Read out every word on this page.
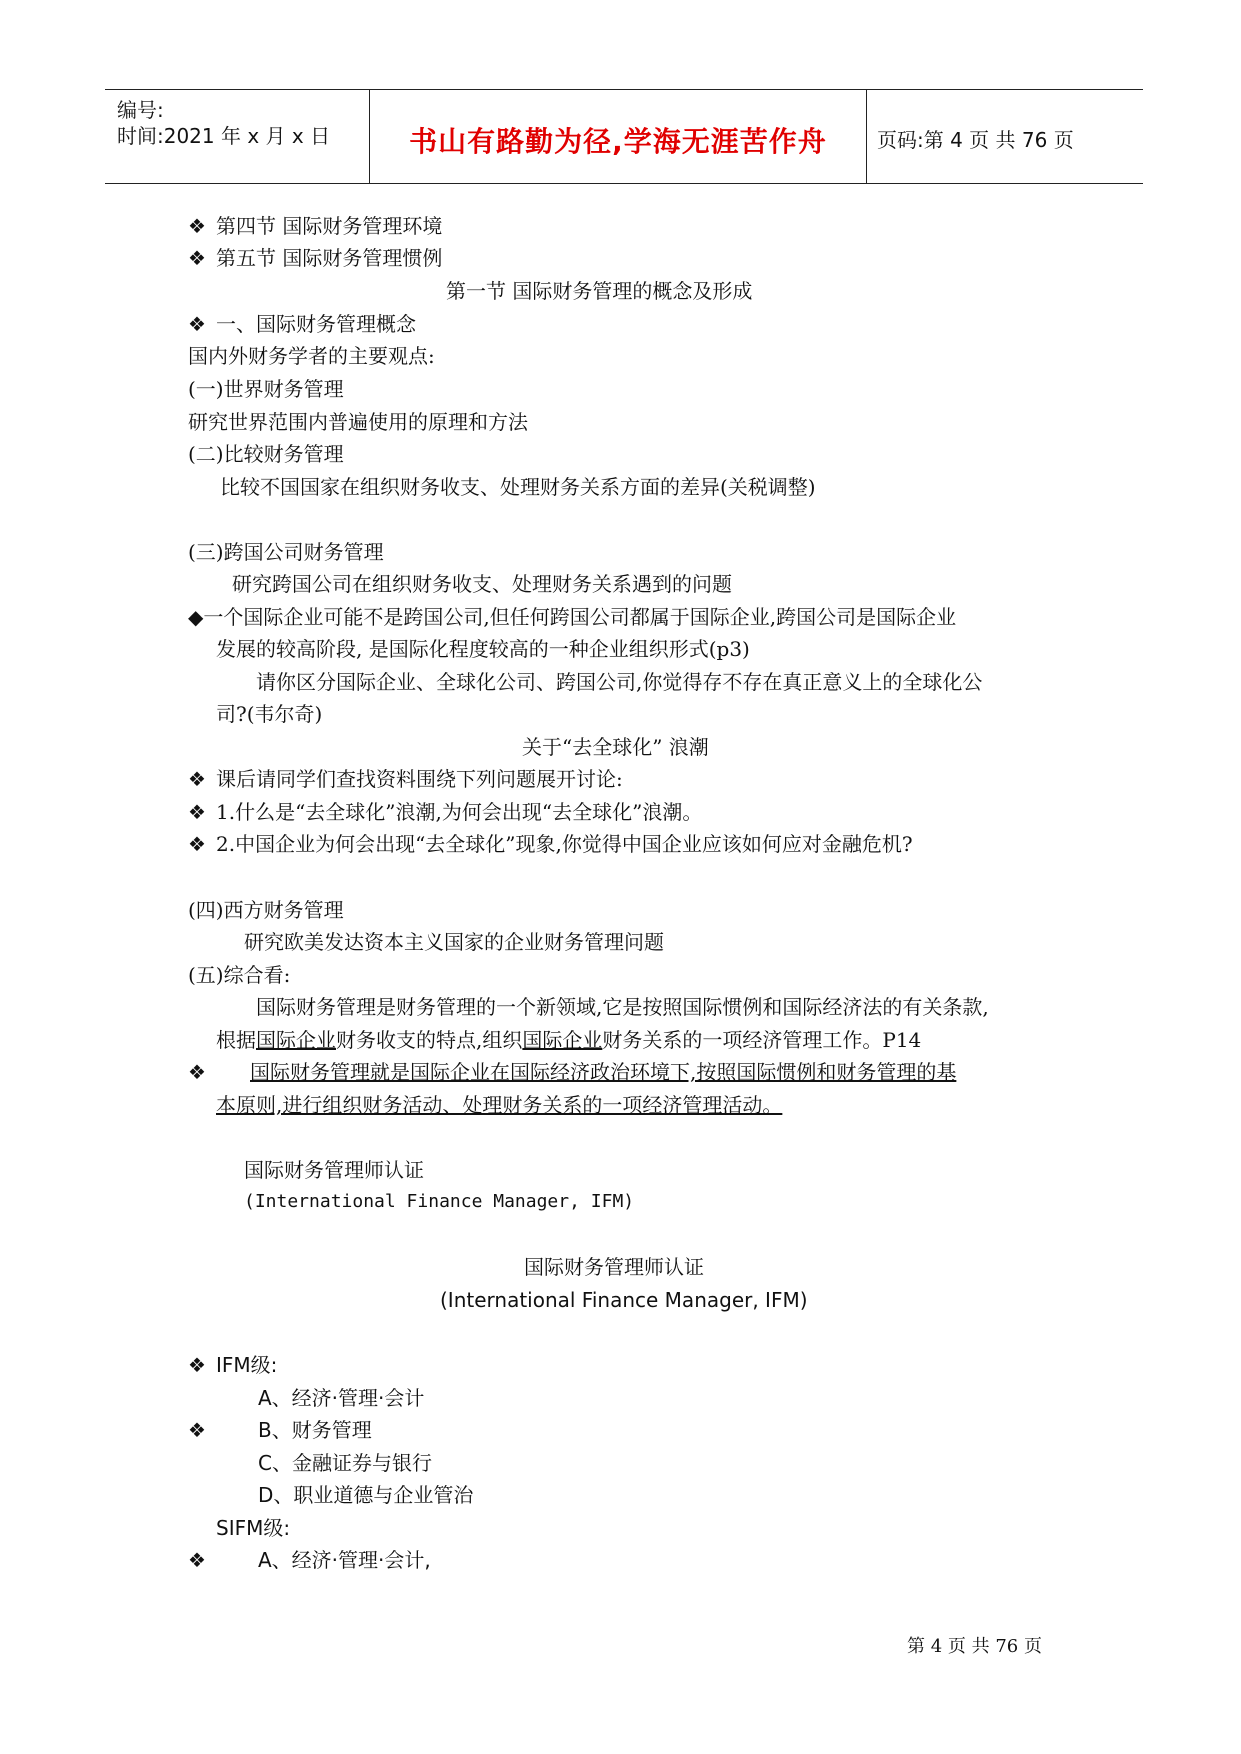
编号:
时间:2021 年 x 月 x 日	书山有路勤为径,学海无涯苦作舟	页码:第 4 页 共 76 页
❖ 第四节 国际财务管理环境
❖ 第五节 国际财务管理惯例
第一节 国际财务管理的概念及形成
❖ 一、国际财务管理概念
国内外财务学者的主要观点:
(一)世界财务管理
研究世界范围内普遍使用的原理和方法
(二)比较财务管理
比较不国国家在组织财务收支、处理财务关系方面的差异(关税调整)
(三)跨国公司财务管理
研究跨国公司在组织财务收支、处理财务关系遇到的问题
◆一个国际企业可能不是跨国公司,但任何跨国公司都属于国际企业,跨国公司是国际企业
发展的较高阶段, 是国际化程度较高的一种企业组织形式(p3)
请你区分国际企业、全球化公司、跨国公司,你觉得存不存在真正意义上的全球化公
司?(韦尔奇)
关于“去全球化” 浪潮
❖ 课后请同学们查找资料围绕下列问题展开讨论:
❖ 1.什么是“去全球化”浪潮,为何会出现“去全球化”浪潮。
❖ 2.中国企业为何会出现“去全球化”现象,你觉得中国企业应该如何应对金融危机?
(四)西方财务管理
研究欧美发达资本主义国家的企业财务管理问题
(五)综合看:
国际财务管理是财务管理的一个新领域,它是按照国际惯例和国际经济法的有关条款,
根据国际企业财务收支的特点,组织国际企业财务关系的一项经济管理工作。P14
❖ 国际财务管理就是国际企业在国际经济政治环境下,按照国际惯例和财务管理的基
本原则,进行组织财务活动、处理财务关系的一项经济管理活动。
国际财务管理师认证
(International Finance Manager, IFM)
国际财务管理师认证
(International Finance Manager, IFM)
❖ IFM级:
A、经济·管理·会计
❖	B、财务管理
C、金融证券与银行
D、职业道德与企业管治
SIFM级:
❖	A、经济·管理·会计,
第 4 页 共 76 页
